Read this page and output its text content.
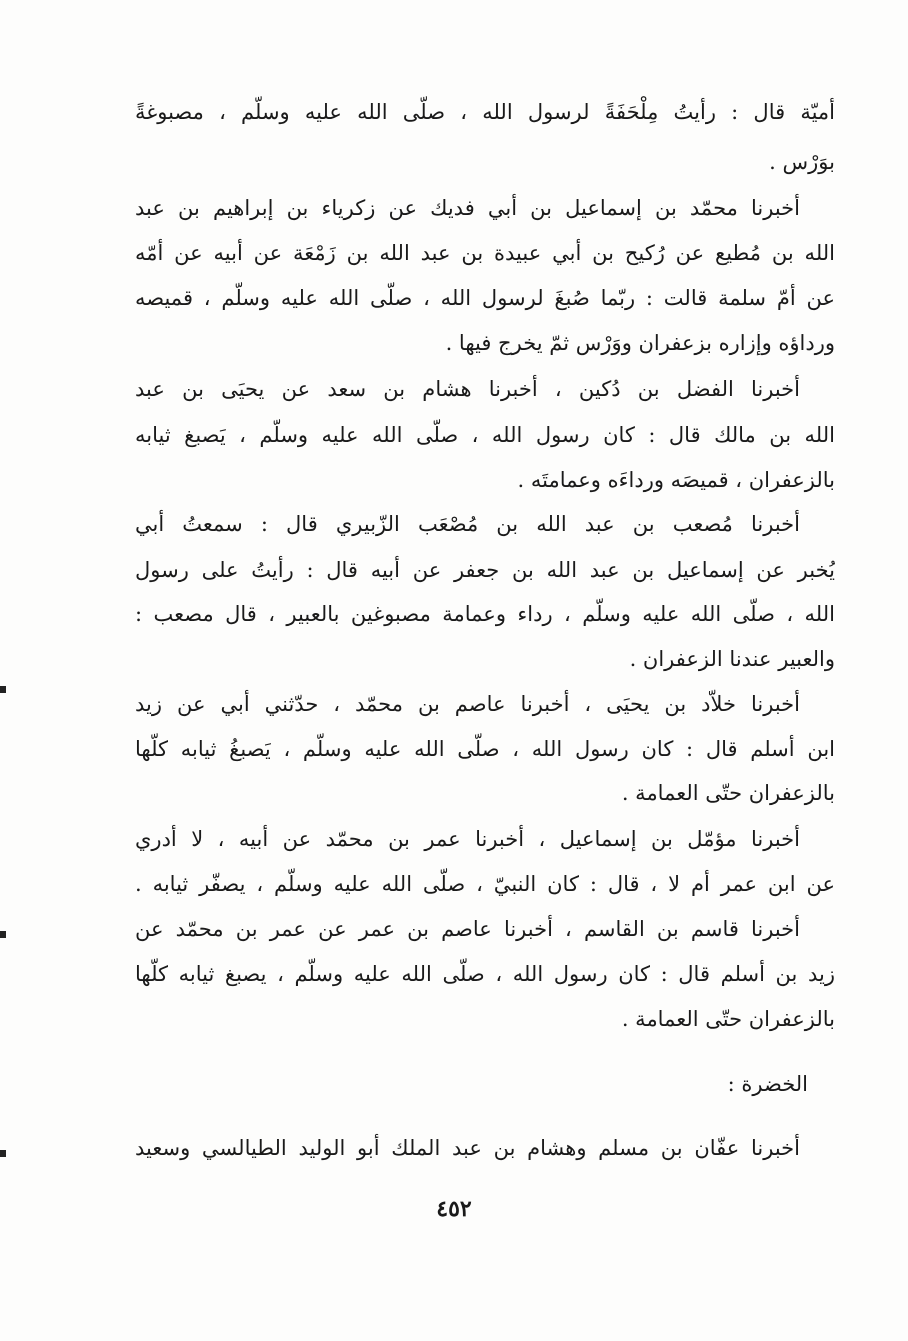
أميّة قال : رأيتُ مِلْحَفَةً لرسول الله ، صلّى الله عليه وسلّم ، مصبوغةً
بوَرْس .
أخبرنا محمّد بن إسماعيل بن أبي فديك عن زكرياء بن إبراهيم بن عبد
الله بن مُطيع عن رُكيح بن أبي عبيدة بن عبد الله بن زَمْعَة عن أبيه عن أمّه
عن أمّ سلمة قالت : ربّما صُبغَ لرسول الله ، صلّى الله عليه وسلّم ، قميصه
ورداؤه وإزاره بزعفران ووَرْس ثمّ يخرج فيها .
أخبرنا الفضل بن دُكين ، أخبرنا هشام بن سعد عن يحيَى بن عبد
الله بن مالك قال : كان رسول الله ، صلّى الله عليه وسلّم ، يَصبغ ثيابه
بالزعفران ، قميصَه ورداءَه وعمامتَه .
أخبرنا مُصعب بن عبد الله بن مُصْعَب الزّبيري قال : سمعتُ أبي
يُخبر عن إسماعيل بن عبد الله بن جعفر عن أبيه قال : رأيتُ على رسول
الله ، صلّى الله عليه وسلّم ، رداء وعمامة مصبوغين بالعبير ، قال مصعب :
والعبير عندنا الزعفران .
أخبرنا خلاّد بن يحيَى ، أخبرنا عاصم بن محمّد ، حدّثني أبي عن زيد
ابن أسلم قال : كان رسول الله ، صلّى الله عليه وسلّم ، يَصبغُ ثيابه كلّها
بالزعفران حتّى العمامة .
أخبرنا مؤمّل بن إسماعيل ، أخبرنا عمر بن محمّد عن أبيه ، لا أدري
عن ابن عمر أم لا ، قال : كان النبيّ ، صلّى الله عليه وسلّم ، يصفّر ثيابه .
أخبرنا قاسم بن القاسم ، أخبرنا عاصم بن عمر عن عمر بن محمّد عن
زيد بن أسلم قال : كان رسول الله ، صلّى الله عليه وسلّم ، يصبغ ثيابه كلّها
بالزعفران حتّى العمامة .
أخبرنا عفّان بن مسلم وهشام بن عبد الملك أبو الوليد الطيالسي وسعيد
الخضرة :
٤٥٢
